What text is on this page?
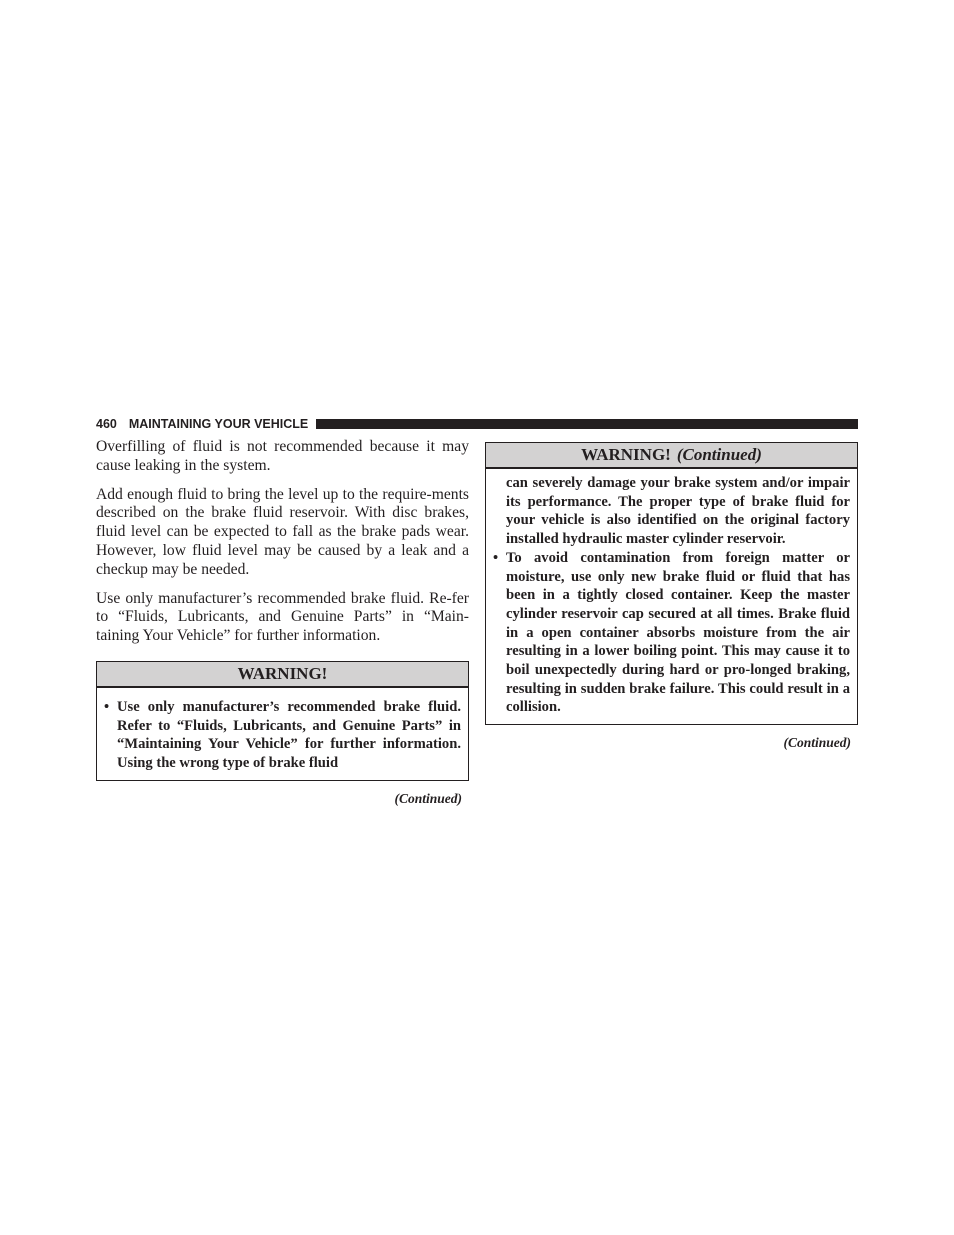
460 MAINTAINING YOUR VEHICLE

Overfilling of fluid is not recommended because it may cause leaking in the system.

Add enough fluid to bring the level up to the require-ments described on the brake fluid reservoir. With disc brakes, fluid level can be expected to fall as the brake pads wear. However, low fluid level may be caused by a leak and a checkup may be needed.

Use only manufacturer’s recommended brake fluid. Re-fer to “Fluids, Lubricants, and Genuine Parts” in “Main-taining Your Vehicle” for further information.

WARNING!
• Use only manufacturer’s recommended brake fluid. Refer to “Fluids, Lubricants, and Genuine Parts” in “Maintaining Your Vehicle” for further information. Using the wrong type of brake fluid
(Continued)
WARNING! (Continued)

can severely damage your brake system and/or impair its performance. The proper type of brake fluid for your vehicle is also identified on the original factory installed hydraulic master cylinder reservoir.

• To avoid contamination from foreign matter or moisture, use only new brake fluid or fluid that has been in a tightly closed container. Keep the master cylinder reservoir cap secured at all times. Brake fluid in a open container absorbs moisture from the air resulting in a lower boiling point. This may cause it to boil unexpectedly during hard or pro-longed braking, resulting in sudden brake failure. This could result in a collision.
(Continued)
